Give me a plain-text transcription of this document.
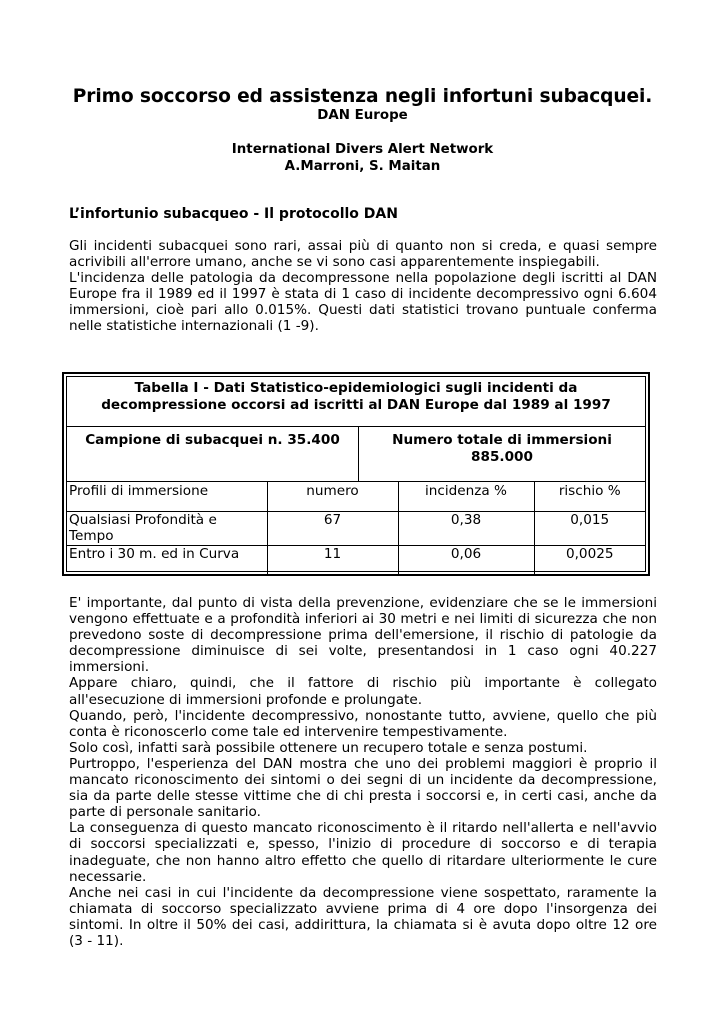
Primo soccorso ed assistenza negli infortuni subacquei.
DAN Europe
International Divers Alert Network
A.Marroni, S. Maitan
L’infortunio subacqueo - Il protocollo DAN

Gli incidenti subacquei sono rari, assai più di quanto non si creda, e quasi sempre acrivibili all'errore umano, anche se vi sono casi apparentemente inspiegabili.

L'incidenza delle patologia da decompressone nella popolazione degli iscritti al DAN Europe fra il 1989 ed il 1997 è stata di 1 caso di incidente decompressivo ogni 6.604 immersioni, cioè pari allo 0.015%. Questi dati statistici trovano puntuale conferma nelle statistiche internazionali (1 -9).

Tabella I - Dati Statistico-epidemiologici sugli incidenti da
decompressione occorsi ad iscritti al DAN Europe dal 1989 al 1997
Campione di subacquei n. 35.400	Numero totale di immersioni
885.000
Profili di immersione	numero	incidenza %	rischio %
Qualsiasi Profondità e Tempo	67	0,38	0,015
Entro i 30 m. ed in Curva	11	0,06	0,0025

E' importante, dal punto di vista della prevenzione, evidenziare che se le immersioni vengono effettuate e a profondità inferiori ai 30 metri e nei limiti di sicurezza che non prevedono soste di decompressione prima dell'emersione, il rischio di patologie da decompressione diminuisce di sei volte, presentandosi in 1 caso ogni 40.227 immersioni.

Appare chiaro, quindi, che il fattore di rischio più importante è collegato all'esecuzione di immersioni profonde e prolungate.

Quando, però, l'incidente decompressivo, nonostante tutto, avviene, quello che più conta è riconoscerlo come tale ed intervenire tempestivamente.

Solo così, infatti sarà possibile ottenere un recupero totale e senza postumi.

Purtroppo, l'esperienza del DAN mostra che uno dei problemi maggiori è proprio il mancato riconoscimento dei sintomi o dei segni di un incidente da decompressione, sia da parte delle stesse vittime che di chi presta i soccorsi e, in certi casi, anche da parte di personale sanitario.

La conseguenza di questo mancato riconoscimento è il ritardo nell'allerta e nell'avvio di soccorsi specializzati e, spesso, l'inizio di procedure di soccorso e di terapia inadeguate, che non hanno altro effetto che quello di ritardare ulteriormente le cure necessarie.

Anche nei casi in cui l'incidente da decompressione viene sospettato, raramente la chiamata di soccorso specializzato avviene prima di 4 ore dopo l'insorgenza dei sintomi. In oltre il 50% dei casi, addirittura, la chiamata si è avuta dopo oltre 12 ore (3 - 11).
